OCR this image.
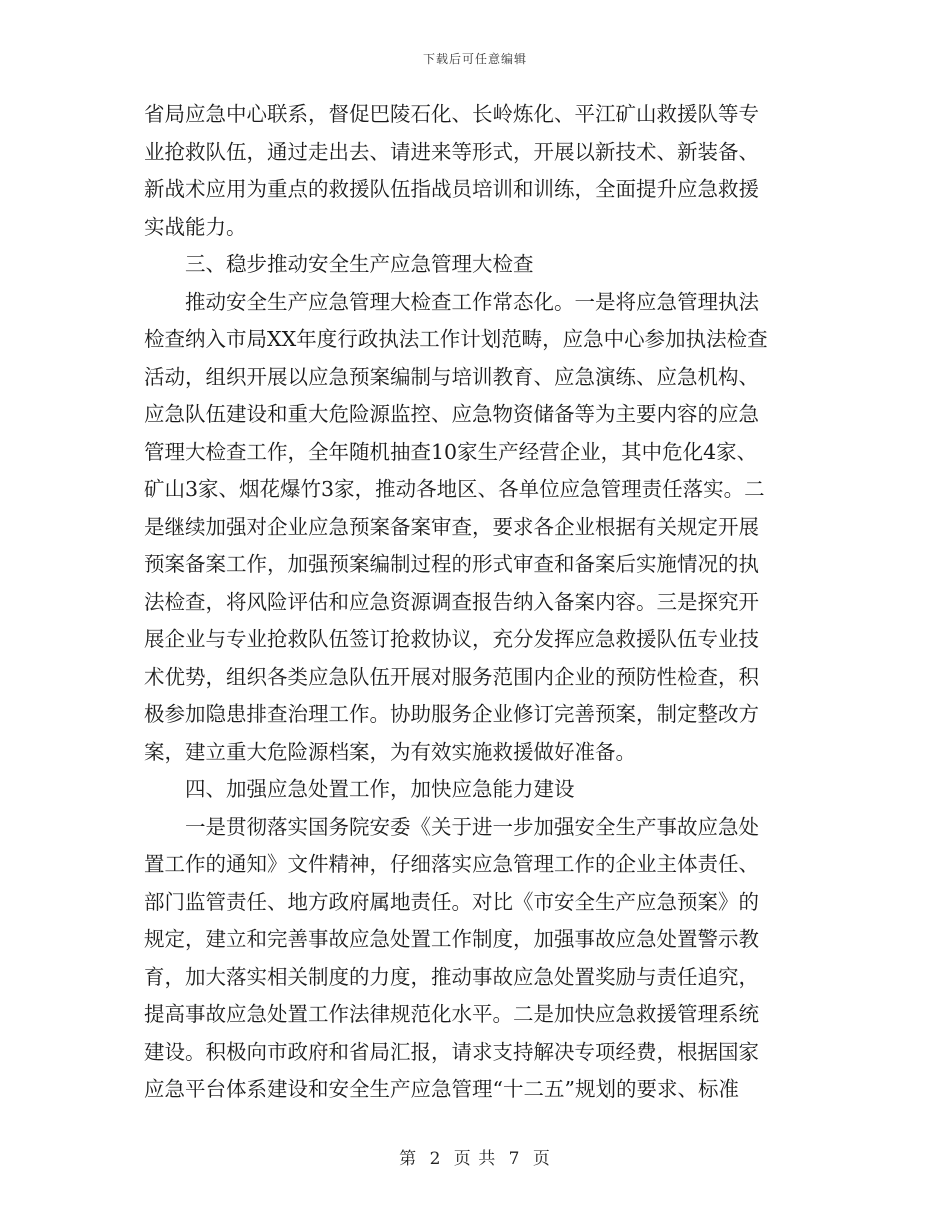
下载后可任意编辑
省局应急中心联系，督促巴陵石化、长岭炼化、平江矿山救援队等专
业抢救队伍，通过走出去、请进来等形式，开展以新技术、新装备、
新战术应用为重点的救援队伍指战员培训和训练，全面提升应急救援
实战能力。
　　三、稳步推动安全生产应急管理大检查
　　推动安全生产应急管理大检查工作常态化。一是将应急管理执法
检查纳入市局XX年度行政执法工作计划范畴，应急中心参加执法检查
活动，组织开展以应急预案编制与培训教育、应急演练、应急机构、
应急队伍建设和重大危险源监控、应急物资储备等为主要内容的应急
管理大检查工作，全年随机抽查10家生产经营企业，其中危化4家、
矿山3家、烟花爆竹3家，推动各地区、各单位应急管理责任落实。二
是继续加强对企业应急预案备案审查，要求各企业根据有关规定开展
预案备案工作，加强预案编制过程的形式审查和备案后实施情况的执
法检查，将风险评估和应急资源调查报告纳入备案内容。三是探究开
展企业与专业抢救队伍签订抢救协议，充分发挥应急救援队伍专业技
术优势，组织各类应急队伍开展对服务范围内企业的预防性检查，积
极参加隐患排查治理工作。协助服务企业修订完善预案，制定整改方
案，建立重大危险源档案，为有效实施救援做好准备。
　　四、加强应急处置工作，加快应急能力建设
　　一是贯彻落实国务院安委《关于进一步加强安全生产事故应急处
置工作的通知》文件精神，仔细落实应急管理工作的企业主体责任、
部门监管责任、地方政府属地责任。对比《市安全生产应急预案》的
规定，建立和完善事故应急处置工作制度，加强事故应急处置警示教
育，加大落实相关制度的力度，推动事故应急处置奖励与责任追究，
提高事故应急处置工作法律规范化水平。二是加快应急救援管理系统
建设。积极向市政府和省局汇报，请求支持解决专项经费，根据国家
应急平台体系建设和安全生产应急管理“十二五”规划的要求、标准
第 2 页 共 7 页
